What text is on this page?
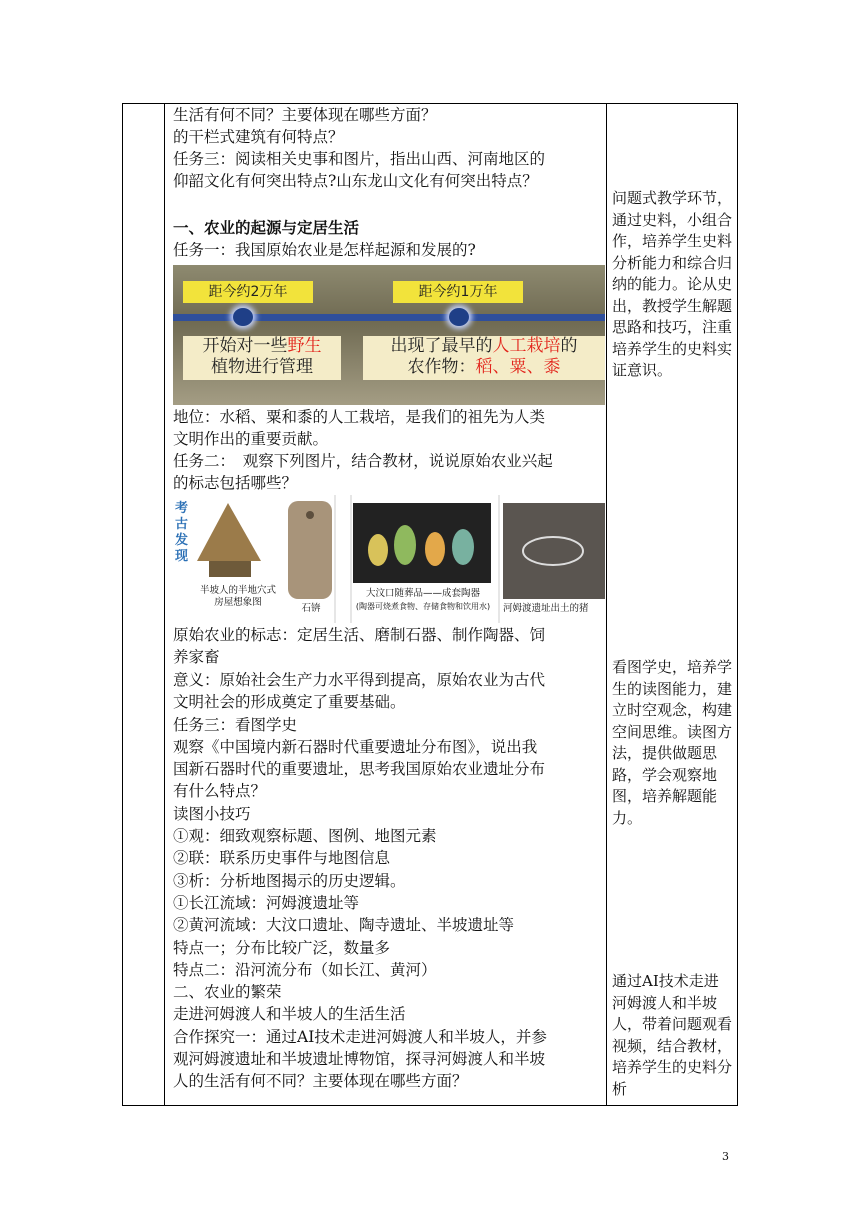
生活有何不同？主要体现在哪些方面？
的干栏式建筑有何特点？
任务三：阅读相关史事和图片，指出山西、河南地区的
仰韶文化有何突出特点?山东龙山文化有何突出特点？
一、农业的起源与定居生活
任务一：我国原始农业是怎样起源和发展的?
地位：水稻、粟和黍的人工栽培，是我们的祖先为人类
文明作出的重要贡献。
任务二：　观察下列图片，结合教材，说说原始农业兴起
的标志包括哪些？
原始农业的标志：定居生活、磨制石器、制作陶器、饲
养家畜
意义：原始社会生产力水平得到提高，原始农业为古代
文明社会的形成奠定了重要基础。
任务三：看图学史
观察《中国境内新石器时代重要遗址分布图》，说出我
国新石器时代的重要遗址，思考我国原始农业遗址分布
有什么特点？
读图小技巧
①观：细致观察标题、图例、地图元素
②联：联系历史事件与地图信息
③析：分析地图揭示的历史逻辑。
①长江流域：河姆渡遗址等
②黄河流域：大汶口遗址、陶寺遗址、半坡遗址等
特点一；分布比较广泛，数量多
特点二：沿河流分布（如长江、黄河）
二、农业的繁荣
走进河姆渡人和半坡人的生活生活
合作探究一：通过AI技术走进河姆渡人和半坡人，并参
观河姆渡遗址和半坡遗址博物馆，探寻河姆渡人和半坡
人的生活有何不同？主要体现在哪些方面？
距今约2万年	距今约1万年
开始对一些野生
植物进行管理
出现了最早的人工栽培的
农作物：稻、粟、黍
考古发现
半坡人的半地穴式
房屋想象图
石锛
大汶口随葬品——成套陶器
(陶器可烧煮食物、存储食物和饮用水)	河姆渡遗址出土的猪
问题式教学环节，通过史料，小组合作，培养学生史料分析能力和综合归纳的能力。论从史出，教授学生解题思路和技巧，注重培养学生的史料实证意识。
看图学史，培养学生的读图能力，建立时空观念，构建空间思维。读图方法，提供做题思路，学会观察地图，培养解题能力。
通过AI技术走进河姆渡人和半坡人，带着问题观看视频，结合教材，培养学生的史料分析
3
